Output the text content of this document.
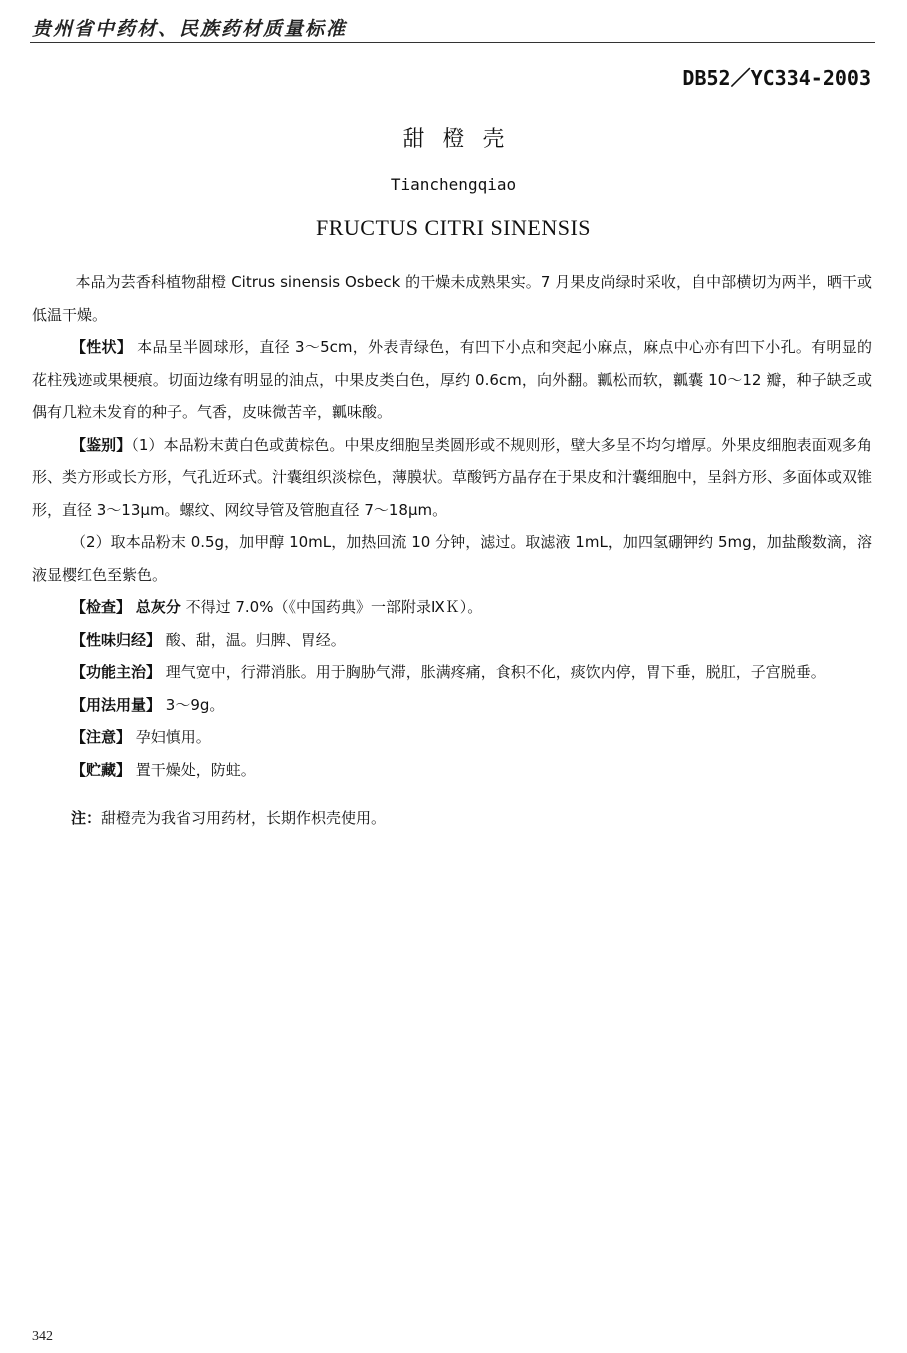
贵州省中药材、民族药材质量标准
DB52／YC334-2003
甜橙壳
Tianchengqiao
FRUCTUS CITRI SINENSIS

本品为芸香科植物甜橙 Citrus sinensis Osbeck 的干燥未成熟果实。7 月果皮尚绿时采收，自中部横切为两半，晒干或低温干燥。

【性状】 本品呈半圆球形，直径 3～5cm，外表青绿色，有凹下小点和突起小麻点，麻点中心亦有凹下小孔。有明显的花柱残迹或果梗痕。切面边缘有明显的油点，中果皮类白色，厚约 0.6cm，向外翻。瓤松而软，瓤囊 10～12 瓣，种子缺乏或偶有几粒未发育的种子。气香，皮味微苦辛，瓤味酸。

【鉴别】（1）本品粉末黄白色或黄棕色。中果皮细胞呈类圆形或不规则形，壁大多呈不均匀增厚。外果皮细胞表面观多角形、类方形或长方形，气孔近环式。汁囊组织淡棕色，薄膜状。草酸钙方晶存在于果皮和汁囊细胞中，呈斜方形、多面体或双锥形，直径 3～13μm。螺纹、网纹导管及管胞直径 7～18μm。

（2）取本品粉末 0.5g，加甲醇 10mL，加热回流 10 分钟，滤过。取滤液 1mL，加四氢硼钾约 5mg，加盐酸数滴，溶液显樱红色至紫色。

【检查】 总灰分 不得过 7.0%（《中国药典》一部附录ⅨＫ）。

【性味归经】 酸、甜，温。归脾、胃经。

【功能主治】 理气宽中，行滞消胀。用于胸胁气滞，胀满疼痛，食积不化，痰饮内停，胃下垂，脱肛，子宫脱垂。

【用法用量】 3～9g。

【注意】 孕妇慎用。

【贮藏】 置干燥处，防蛀。

注：甜橙壳为我省习用药材，长期作枳壳使用。

342
